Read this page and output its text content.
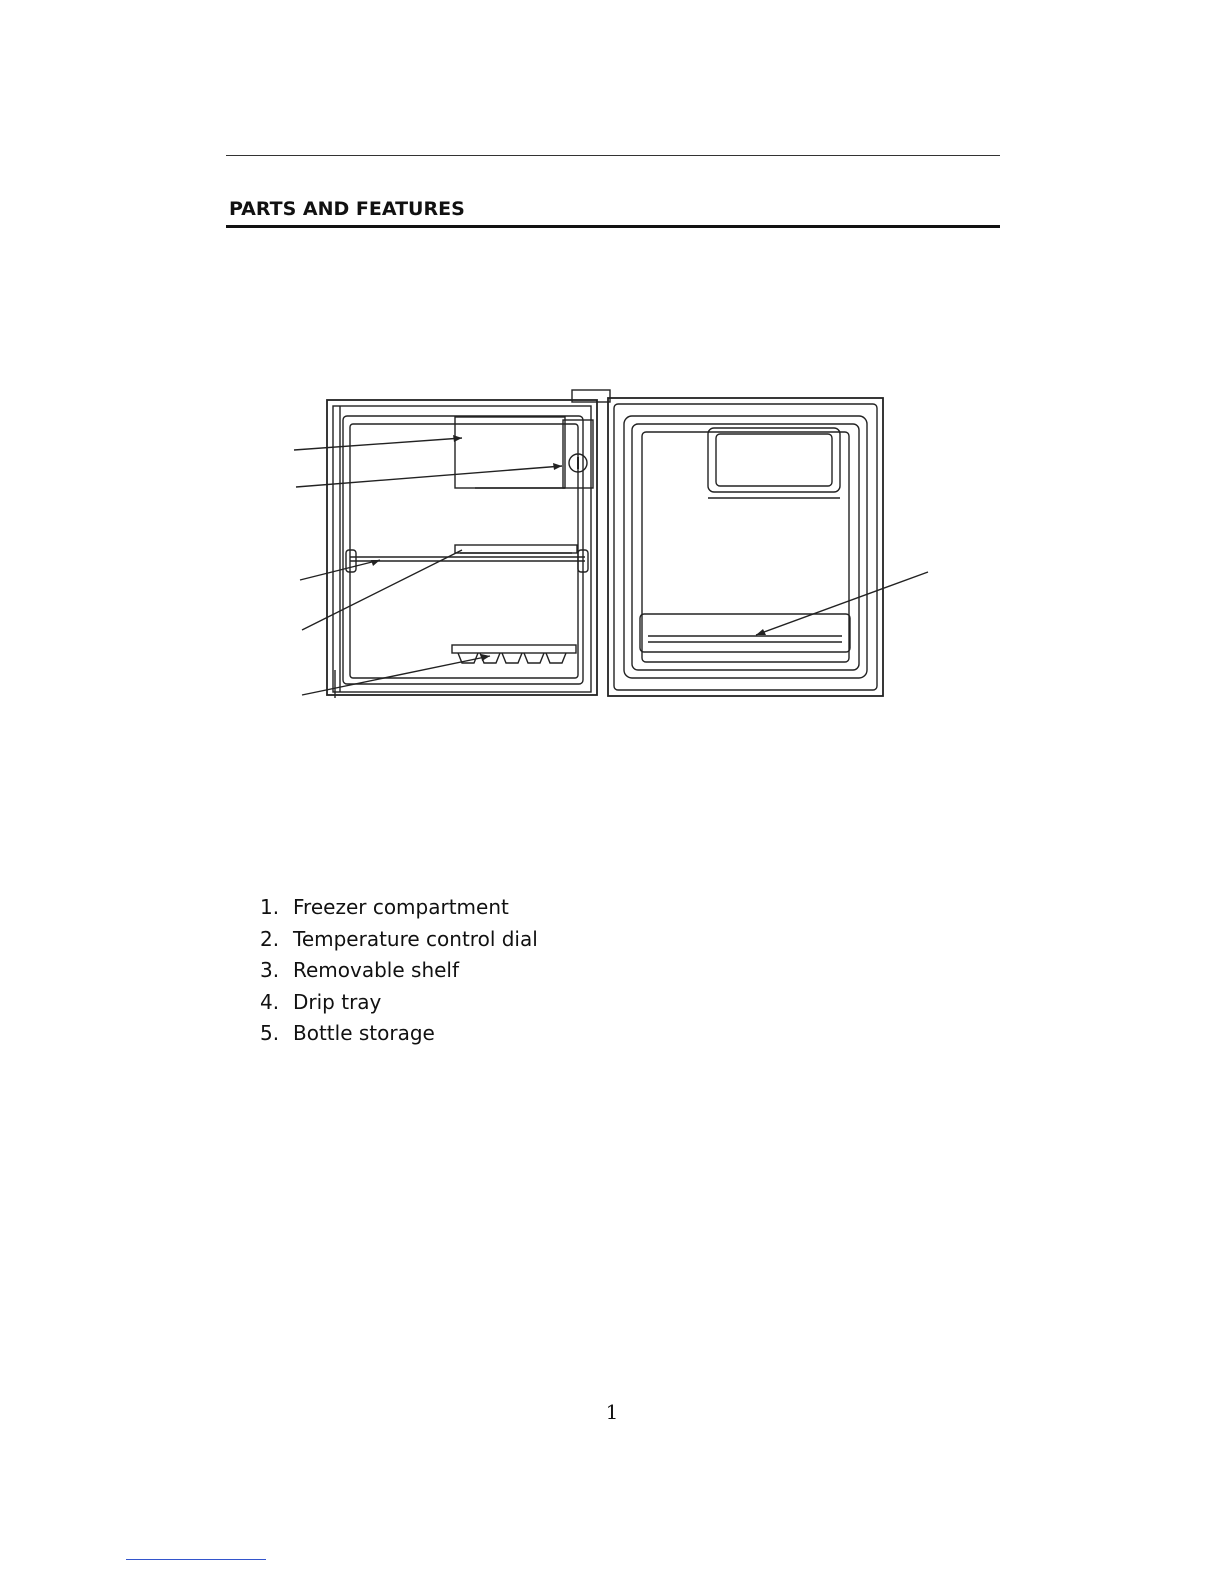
PARTS AND FEATURES
1. Freezer compartment
2. Temperature control dial
3. Removable shelf
4. Drip tray
5. Bottle storage
1
